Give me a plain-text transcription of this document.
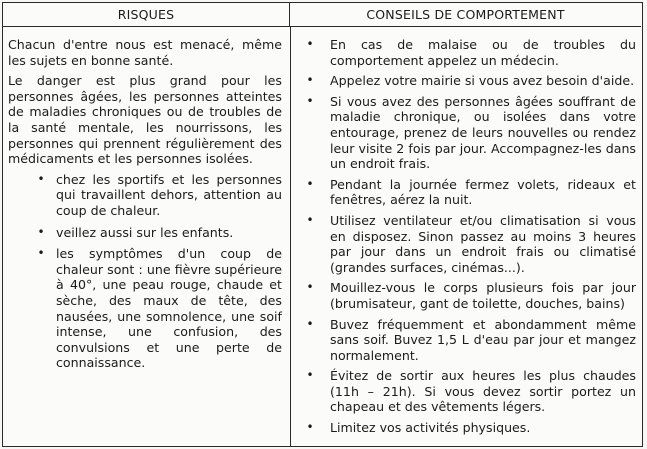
RISQUES	CONSEILS DE COMPORTEMENT

Chacun d'entre nous est menacé, même les sujets en bonne santé.

Le danger est plus grand pour les personnes âgées, les personnes atteintes de maladies chroniques ou de troubles de la santé mentale, les nourrissons, les personnes qui prennent régulièrement des médicaments et les personnes isolées.

• chez les sportifs et les personnes qui travaillent dehors, attention au coup de chaleur.
• veillez aussi sur les enfants.
• les symptômes d'un coup de chaleur sont : une fièvre supérieure à 40°, une peau rouge, chaude et sèche, des maux de tête, des nausées, une somnolence, une soif intense, une confusion, des convulsions et une perte de connaissance.
• En cas de malaise ou de troubles du comportement appelez un médecin.
• Appelez votre mairie si vous avez besoin d'aide.
• Si vous avez des personnes âgées souffrant de maladie chronique, ou isolées dans votre entourage, prenez de leurs nouvelles ou rendez leur visite 2 fois par jour. Accompagnez-les dans un endroit frais.
• Pendant la journée fermez volets, rideaux et fenêtres, aérez la nuit.
• Utilisez ventilateur et/ou climatisation si vous en disposez. Sinon passez au moins 3 heures par jour dans un endroit frais ou climatisé (grandes surfaces, cinémas...).
• Mouillez-vous le corps plusieurs fois par jour (brumisateur, gant de toilette, douches, bains)
• Buvez fréquemment et abondamment même sans soif. Buvez 1,5 L d'eau par jour et mangez normalement.
• Évitez de sortir aux heures les plus chaudes (11h – 21h). Si vous devez sortir portez un chapeau et des vêtements légers.
• Limitez vos activités physiques.
